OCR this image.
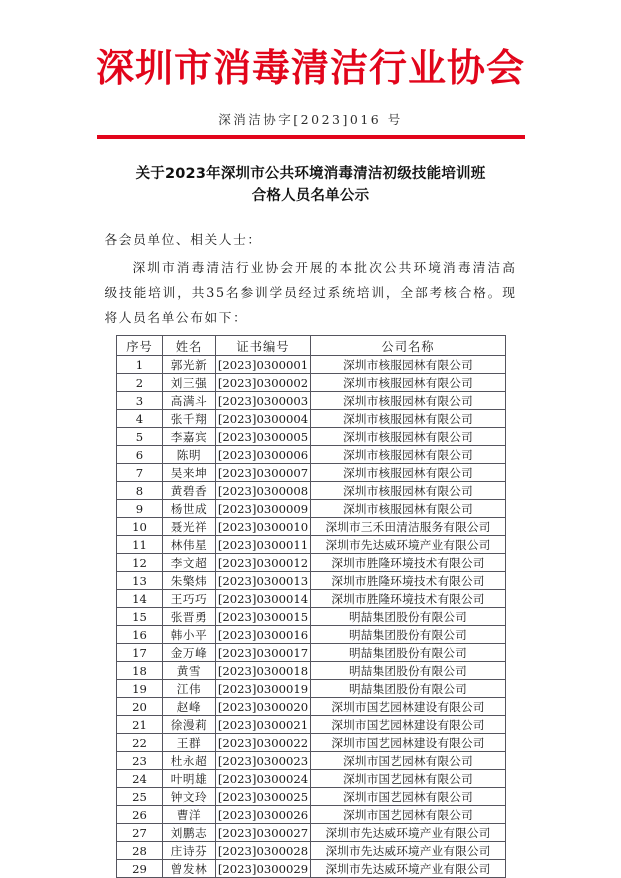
深圳市消毒清洁行业协会
深消洁协字[2023]016 号
关于2023年深圳市公共环境消毒清洁初级技能培训班
合格人员名单公示

各会员单位、相关人士：

深圳市消毒清洁行业协会开展的本批次公共环境消毒清洁高级技能培训，共35名参训学员经过系统培训，全部考核合格。现将人员名单公布如下：

序号	姓名	证书编号	公司名称
1	郭光新	[2023]0300001	深圳市核服园林有限公司
2	刘三强	[2023]0300002	深圳市核服园林有限公司
3	高满斗	[2023]0300003	深圳市核服园林有限公司
4	张千翔	[2023]0300004	深圳市核服园林有限公司
5	李嘉宾	[2023]0300005	深圳市核服园林有限公司
6	陈明	[2023]0300006	深圳市核服园林有限公司
7	吴来坤	[2023]0300007	深圳市核服园林有限公司
8	黄碧香	[2023]0300008	深圳市核服园林有限公司
9	杨世成	[2023]0300009	深圳市核服园林有限公司
10	聂光祥	[2023]0300010	深圳市三禾田清洁服务有限公司
11	林伟星	[2023]0300011	深圳市先达威环境产业有限公司
12	李文超	[2023]0300012	深圳市胜隆环境技术有限公司
13	朱檠炜	[2023]0300013	深圳市胜隆环境技术有限公司
14	王巧巧	[2023]0300014	深圳市胜隆环境技术有限公司
15	张晋勇	[2023]0300015	明喆集团股份有限公司
16	韩小平	[2023]0300016	明喆集团股份有限公司
17	金万峰	[2023]0300017	明喆集团股份有限公司
18	黄雪	[2023]0300018	明喆集团股份有限公司
19	江伟	[2023]0300019	明喆集团股份有限公司
20	赵峰	[2023]0300020	深圳市国艺园林建设有限公司
21	徐漫莉	[2023]0300021	深圳市国艺园林建设有限公司
22	王群	[2023]0300022	深圳市国艺园林建设有限公司
23	杜永超	[2023]0300023	深圳市国艺园林有限公司
24	叶明雄	[2023]0300024	深圳市国艺园林有限公司
25	钟文玲	[2023]0300025	深圳市国艺园林有限公司
26	曹洋	[2023]0300026	深圳市国艺园林有限公司
27	刘鹏志	[2023]0300027	深圳市先达威环境产业有限公司
28	庄诗芬	[2023]0300028	深圳市先达威环境产业有限公司
29	曾发林	[2023]0300029	深圳市先达威环境产业有限公司
